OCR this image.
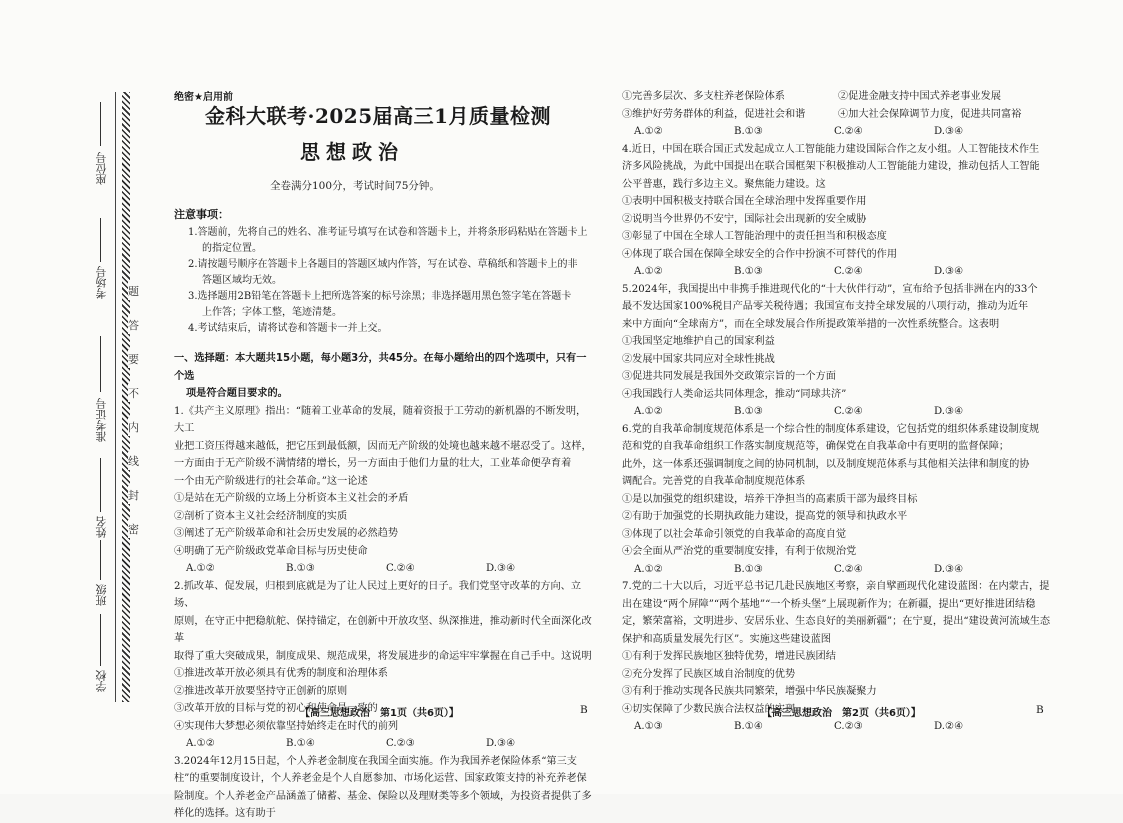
座位号
考场号
准考证号
姓名
班级
学校
题
答
要
不
内
线
封
密
绝密★启用前
金科大联考·2025届高三1月质量检测
思想政治
全卷满分100分，考试时间75分钟。
注意事项：

1.答题前，先将自己的姓名、准考证号填写在试卷和答题卡上，并将条形码粘贴在答题卡上

的指定位置。

2.请按题号顺序在答题卡上各题目的答题区域内作答，写在试卷、草稿纸和答题卡上的非

答题区域均无效。

3.选择题用2B铅笔在答题卡上把所选答案的标号涂黑；非选择题用黑色签字笔在答题卡

上作答；字体工整，笔迹清楚。

4.考试结束后，请将试卷和答题卡一并上交。

一、选择题：本大题共15小题，每小题3分，共45分。在每小题给出的四个选项中，只有一个选

项是符合题目要求的。

1.《共产主义原理》指出：“随着工业革命的发展，随着资报于工劳动的新机器的不断发明，大工

业把工资压得越来越低，把它压到最低额，因而无产阶级的处境也越来越不堪忍受了。这样，

一方面由于无产阶级不满情绪的增长，另一方面由于他们力量的壮大，工业革命便孕育着

一个由无产阶级进行的社会革命。”这一论述

①是站在无产阶级的立场上分析资本主义社会的矛盾

②剖析了资本主义社会经济制度的实质

③阐述了无产阶级革命和社会历史发展的必然趋势

④明确了无产阶级政党革命目标与历史使命

A.①②	B.①③	C.②④	D.③④

2.抓改革、促发展，归根到底就是为了让人民过上更好的日子。我们党坚守改革的方向、立场、

原则，在守正中把稳航舵、保持锚定，在创新中开放攻坚、纵深推进，推动新时代全面深化改革

取得了重大突破成果，制度成果、规范成果，将发展进步的命运牢牢掌握在自己手中。这说明

①推进改革开放必须具有优秀的制度和治理体系

②推进改革开放要坚持守正创新的原则

③改革开放的目标与党的初心和使命是一致的

④实现伟大梦想必须依靠坚持始终走在时代的前列

A.①②	B.①④	C.②③	D.③④

3.2024年12月15日起，个人养老金制度在我国全面实施。作为我国养老保险体系“第三支

柱”的重要制度设计，个人养老金是个人自愿参加、市场化运营、国家政策支持的补充养老保

险制度。个人养老金产品涵盖了储蓄、基金、保险以及理财类等多个领域，为投资者提供了多

样化的选择。这有助于

①完善多层次、多支柱养老保险体系	②促进金融支持中国式养老事业发展

③维护好劳务群体的利益，促进社会和谐	④加大社会保障调节力度，促进共同富裕

A.①②	B.①③	C.②④	D.③④

4.近日，中国在联合国正式发起成立人工智能能力建设国际合作之友小组。人工智能技术作生

济多风险挑战，为此中国提出在联合国框架下积极推动人工智能能力建设，推动包括人工智能

公平普惠，践行多边主义。聚焦能力建设。这

①表明中国积极支持联合国在全球治理中发挥重要作用

②说明当今世界仍不安宁，国际社会出现新的安全威胁

③彰显了中国在全球人工智能治理中的责任担当和积极态度

④体现了联合国在保障全球安全的合作中扮演不可替代的作用

A.①②	B.①③	C.②④	D.③④

5.2024年，我国提出中非携手推进现代化的“十大伙伴行动”，宣布给予包括非洲在内的33个

最不发达国家100%税目产品零关税待遇；我国宣布支持全球发展的八项行动，推动为近年

来中方面向“全球南方”，而在全球发展合作所提政策举措的一次性系统整合。这表明

①我国坚定地维护自己的国家利益

②发展中国家共同应对全球性挑战

③促进共同发展是我国外交政策宗旨的一个方面

④我国践行人类命运共同体理念，推动“同球共济”

A.①②	B.①③	C.②④	D.③④

6.党的自我革命制度规范体系是一个综合性的制度体系建设，它包括党的组织体系建设制度规

范和党的自我革命组织工作落实制度规范等，确保党在自我革命中有更明的监督保障；

此外，这一体系还强调制度之间的协同机制，以及制度规范体系与其他相关法律和制度的协

调配合。完善党的自我革命制度规范体系

①是以加强党的组织建设，培养干净担当的高素质干部为最终目标

②有助于加强党的长期执政能力建设，提高党的领导和执政水平

③体现了以社会革命引领党的自我革命的高度自觉

④会全面从严治党的重要制度安排，有利于依规治党

A.①②	B.①③	C.②④	D.③④

7.党的二十大以后，习近平总书记几赴民族地区考察，亲自擘画现代化建设蓝图：在内蒙古，提

出在建设“两个屏障”“两个基地”“一个桥头堡”上展现新作为；在新疆，提出“更好推进团结稳

定，繁荣富裕，文明进步、安居乐业、生态良好的美丽新疆”；在宁夏，提出“建设黄河流域生态

保护和高质量发展先行区”。实施这些建设蓝图

①有利于发挥民族地区独特优势，增进民族团结

②充分发挥了民族区域自治制度的优势

③有利于推动实现各民族共同繁荣，增强中华民族凝聚力

④切实保障了少数民族合法权益的实现

A.①③	B.①④	C.②③	D.②④

【高三思想政治　第1页（共6页）】	B	【高三思想政治　第2页（共6页）】	B
